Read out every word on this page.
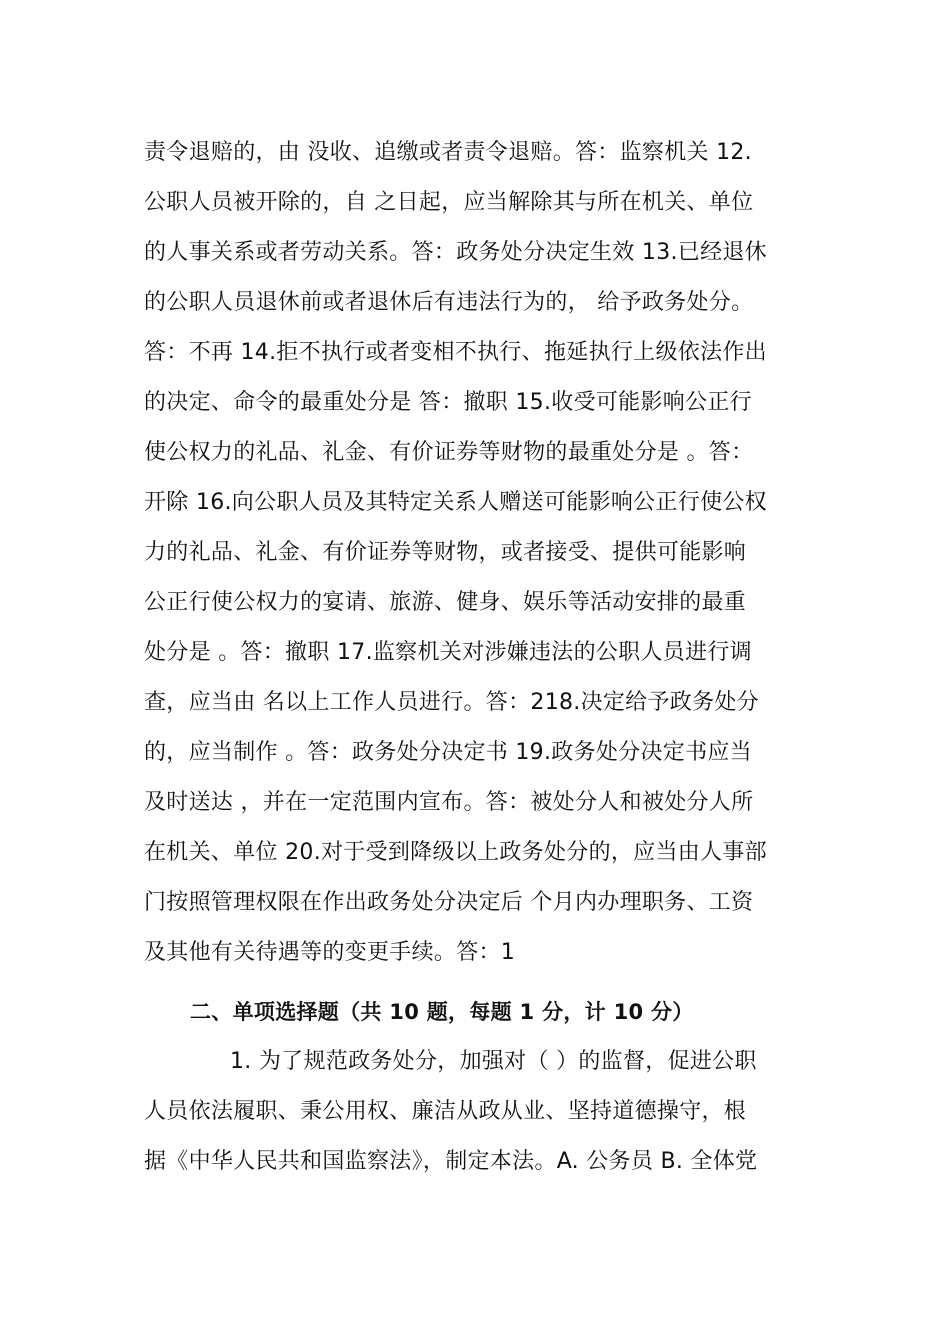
责令退赔的，由 没收、追缴或者责令退赔。答：监察机关 12.
公职人员被开除的，自 之日起，应当解除其与所在机关、单位
的人事关系或者劳动关系。答：政务处分决定生效 13.已经退休
的公职人员退休前或者退休后有违法行为的， 给予政务处分。
答：不再 14.拒不执行或者变相不执行、拖延执行上级依法作出
的决定、命令的最重处分是 答：撤职 15.收受可能影响公正行
使公权力的礼品、礼金、有价证券等财物的最重处分是 。答：
开除 16.向公职人员及其特定关系人赠送可能影响公正行使公权
力的礼品、礼金、有价证券等财物，或者接受、提供可能影响
公正行使公权力的宴请、旅游、健身、娱乐等活动安排的最重
处分是 。答：撤职 17.监察机关对涉嫌违法的公职人员进行调
查，应当由 名以上工作人员进行。答：218.决定给予政务处分
的，应当制作 。答：政务处分决定书 19.政务处分决定书应当
及时送达 ，并在一定范围内宣布。答：被处分人和被处分人所
在机关、单位 20.对于受到降级以上政务处分的，应当由人事部
门按照管理权限在作出政务处分决定后 个月内办理职务、工资
及其他有关待遇等的变更手续。答：1
二、单项选择题（共 10 题，每题 1 分，计 10 分）
1. 为了规范政务处分，加强对（ ）的监督，促进公职
人员依法履职、秉公用权、廉洁从政从业、坚持道德操守，根
据《中华人民共和国监察法》，制定本法。A. 公务员 B. 全体党
